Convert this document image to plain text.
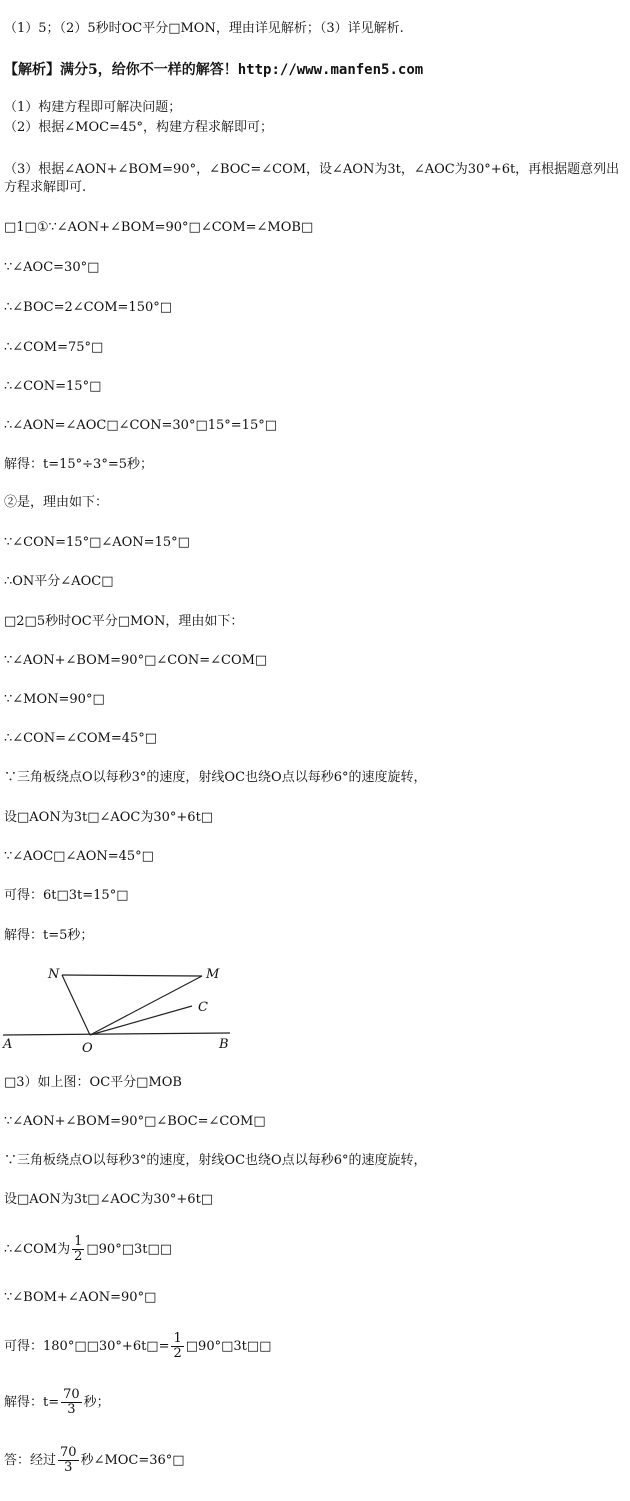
（1）5；（2）5秒时OC平分□MON，理由详见解析；（3）详见解析.
【解析】满分5，给你不一样的解答！http://www.manfen5.com
（1）构建方程即可解决问题；
（2）根据∠MOC=45°，构建方程求解即可；
（3）根据∠AON+∠BOM=90°，∠BOC=∠COM，设∠AON为3t，∠AOC为30°+6t，再根据题意列出方程求解即可.
□1□①∵∠AON+∠BOM=90°□∠COM=∠MOB□
∵∠AOC=30°□
∴∠BOC=2∠COM=150°□
∴∠COM=75°□
∴∠CON=15°□
∴∠AON=∠AOC□∠CON=30°□15°=15°□
解得：t=15°÷3°=5秒；
②是，理由如下：
∵∠CON=15°□∠AON=15°□
∴ON平分∠AOC□
□2□5秒时OC平分□MON，理由如下：
∵∠AON+∠BOM=90°□∠CON=∠COM□
∵∠MON=90°□
∴∠CON=∠COM=45°□
∵三角板绕点O以每秒3°的速度，射线OC也绕O点以每秒6°的速度旋转，
设□AON为3t□∠AOC为30°+6t□
∵∠AOC□∠AON=45°□
可得：6t□3t=15°□
解得：t=5秒；
N	M
C
A	O	B
□3）如上图：OC平分□MOB
∵∠AON+∠BOM=90°□∠BOC=∠COM□
∵三角板绕点O以每秒3°的速度，射线OC也绕O点以每秒6°的速度旋转，
设□AON为3t□∠AOC为30°+6t□
∴∠COM为 $\frac{1}{2}$ □90°□3t□□
∵∠BOM+∠AON=90°□
可得：180°□□30°+6t□= $\frac{1}{2}$ □90°□3t□□
解得：$t= \frac{70}{3}$ 秒；
答：经过 $\frac{70}{3}$ 秒∠MOC=36°□
